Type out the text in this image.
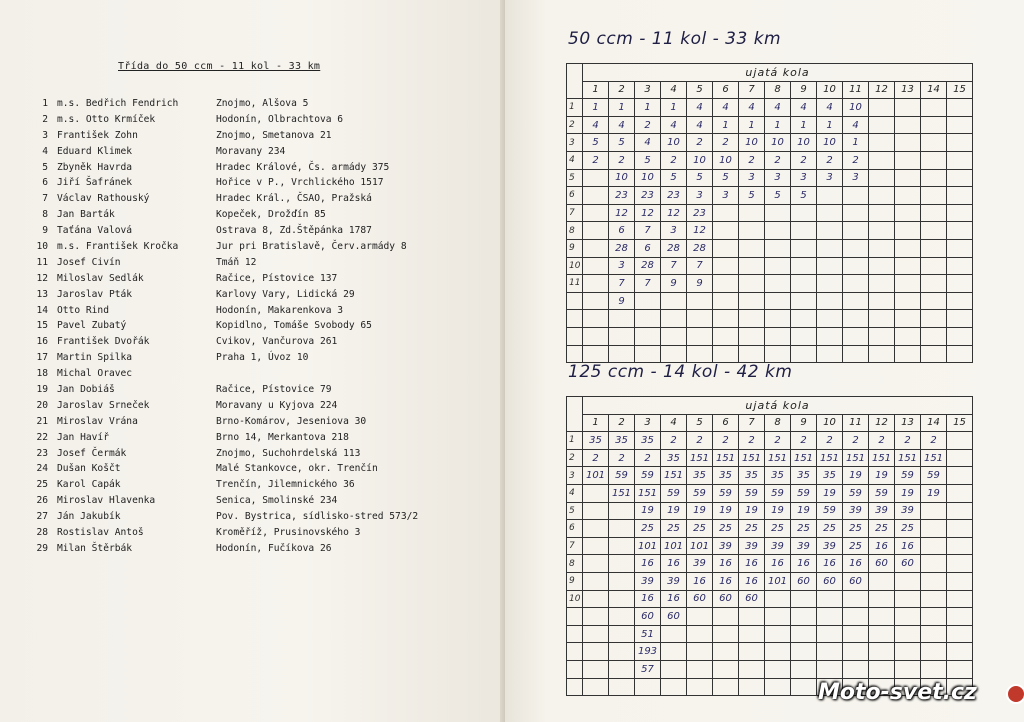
Třída do 50 ccm - 11 kol - 33 km
1 m.s. Bedřich Fendrich	Znojmo, Alšova 5
2 m.s. Otto Krmíček	Hodonín, Olbrachtova 6
3 František Zohn	Znojmo, Smetanova 21
4 Eduard Klimek	Moravany 234
5 Zbyněk Havrda	Hradec Králové, Čs. armády 375
6 Jiří Šafránek	Hořice v P., Vrchlického 1517
7 Václav Rathouský	Hradec Král., ČSAO, Pražská
8 Jan Barták	Kopeček, Drožďín 85
9 Taťána Valová	Ostrava 8, Zd.Štěpánka 1787
10 m.s. František Kročka	Jur pri Bratislavě, Červ.armády 8
11 Josef Civín	Tmáň 12
12 Miloslav Sedlák	Račice, Pístovice 137
13 Jaroslav Pták	Karlovy Vary, Lidická 29
14 Otto Rind	Hodonín, Makarenkova 3
15 Pavel Zubatý	Kopidlno, Tomáše Svobody 65
16 František Dvořák	Cvikov, Vančurova 261
17 Martin Spilka	Praha 1, Úvoz 10
18 Michal Oravec
19 Jan Dobiáš	Račice, Pístovice 79
20 Jaroslav Srneček	Moravany u Kyjova 224
21 Miroslav Vrána	Brno-Komárov, Jeseniova 30
22 Jan Havíř	Brno 14, Merkantova 218
23 Josef Čermák	Znojmo, Suchohrdelská 113
24 Dušan Koščt	Malé Stankovce, okr. Trenčín
25 Karol Capák	Trenčín, Jilemnického 36
26 Miroslav Hlavenka	Senica, Smolinské 234
27 Ján Jakubík	Pov. Bystrica, sídlisko-stred 573/2
28 Rostislav Antoš	Kroměříž, Prusinovského 3
29 Milan Štěrbák	Hodonín, Fučíkova 26
50 ccm - 11 kol - 33 km
	ujatá kola														
	1	2	3	4	5	6	7	8	9	10	11	12	13	14	15
1	1	1	1	1	4	4	4	4	4	4	10				
2	4	4	2	4	4	1	1	1	1	1	4				
3	5	5	4	10	2	2	10	10	10	10	1				
4	2	2	5	2	10	10	2	2	2	2	2				
5		10	10	5	5	5	3	3	3	3	3				
6		23	23	23	3	3	5	5	5						
7		12	12	12	23										
8		6	7	3	12										
9		28	6	28	28										
10		3	28	7	7										
11		7	7	9	9										
		9													

125 ccm - 14 kol - 42 km
	ujatá kola														
	1	2	3	4	5	6	7	8	9	10	11	12	13	14	15
1	35	35	35	2	2	2	2	2	2	2	2	2	2	2	
2	2	2	2	35	151	151	151	151	151	151	151	151	151	151	
3	101	59	59	151	35	35	35	35	35	35	19	19	59	59	
4		151	151	59	59	59	59	59	59	19	59	59	19	19	
5			19	19	19	19	19	19	19	59	39	39	39		
6			25	25	25	25	25	25	25	25	25	25	25		
7			101	101	101	39	39	39	39	39	25	16	16		
8			16	16	39	16	16	16	16	16	16	60	60		
9			39	39	16	16	16	101	60	60	60				
10			16	16	60	60	60								
			60	60											
			51												
			193												
			57												

Moto-svet.cz
